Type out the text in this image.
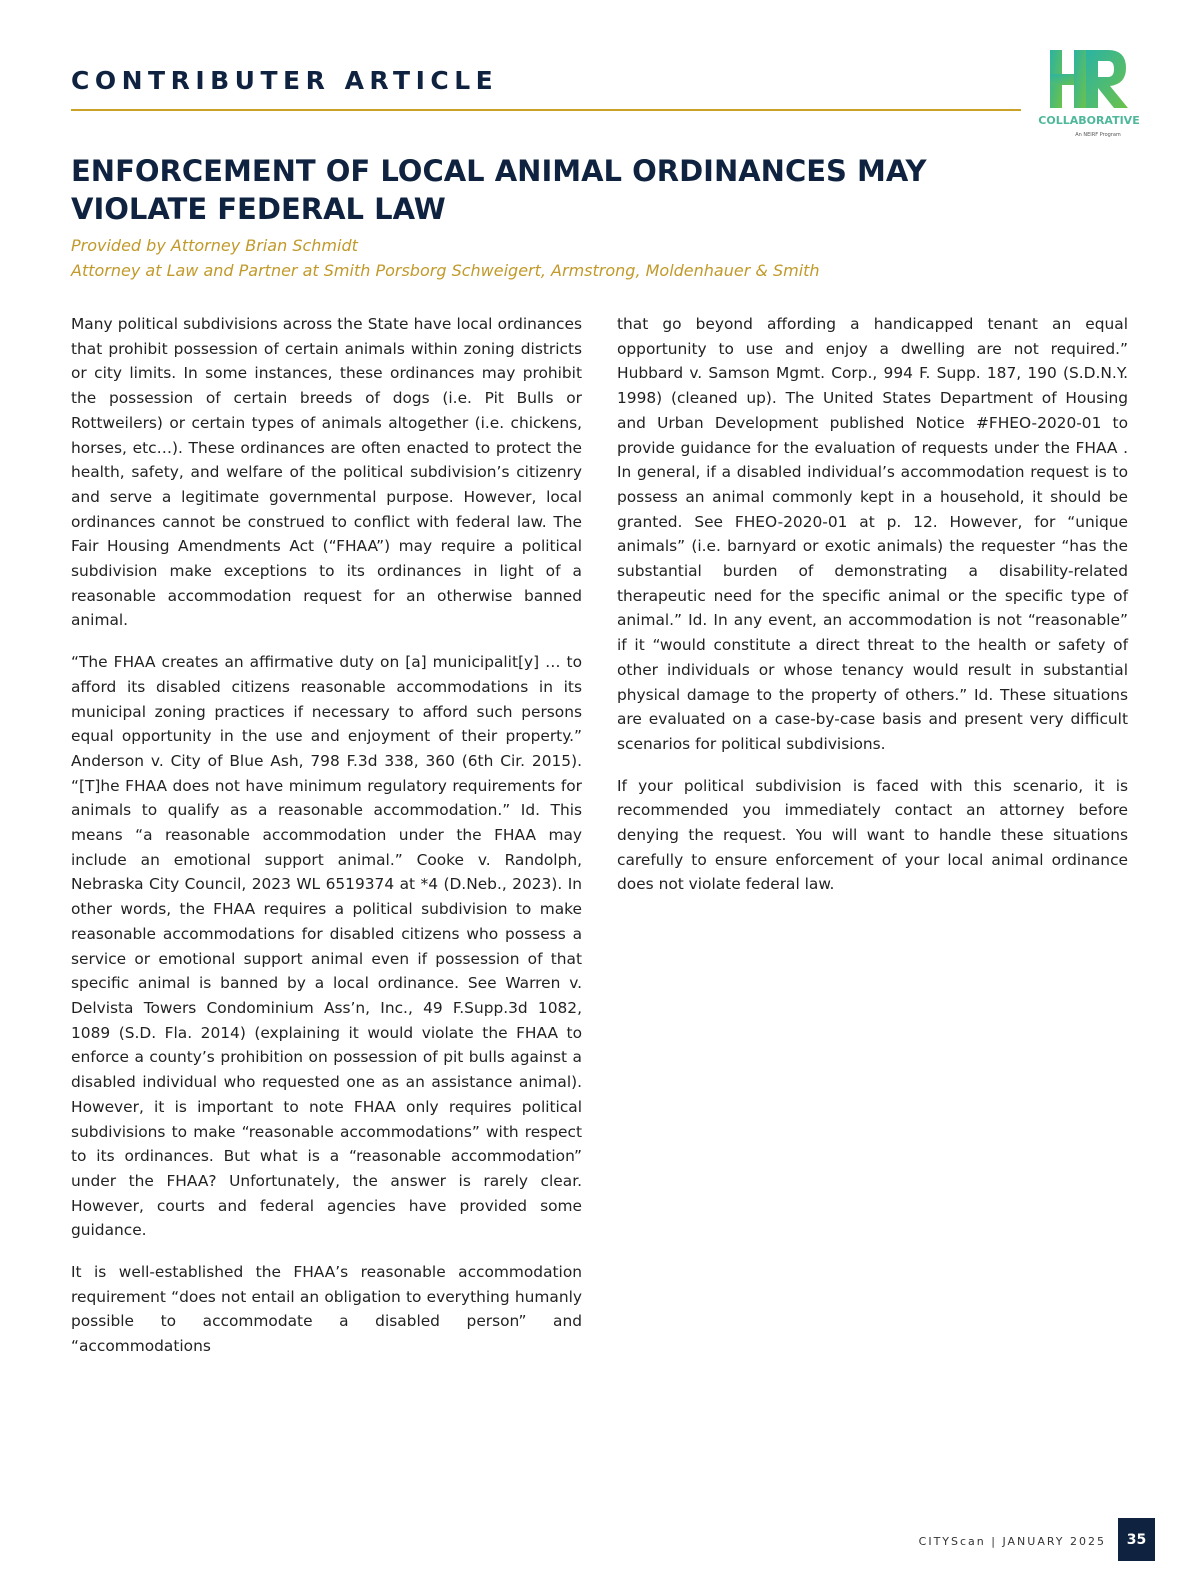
CONTRIBUTER ARTICLE
COLLABORATIVE
An NEIRF Program
ENFORCEMENT OF LOCAL ANIMAL ORDINANCES MAY VIOLATE FEDERAL LAW
Provided by Attorney Brian Schmidt
Attorney at Law and Partner at Smith Porsborg Schweigert, Armstrong, Moldenhauer & Smith

Many political subdivisions across the State have local ordinances that prohibit possession of certain animals within zoning districts or city limits. In some instances, these ordinances may prohibit the possession of certain breeds of dogs (i.e. Pit Bulls or Rottweilers) or certain types of animals altogether (i.e. chickens, horses, etc…). These ordinances are often enacted to protect the health, safety, and welfare of the political subdivision’s citizenry and serve a legitimate governmental purpose. However, local ordinances cannot be construed to conflict with federal law. The Fair Housing Amendments Act (“FHAA”) may require a political subdivision make exceptions to its ordinances in light of a reasonable accommodation request for an otherwise banned animal.

“The FHAA creates an affirmative duty on [a] municipalit[y] … to afford its disabled citizens reasonable accommodations in its municipal zoning practices if necessary to afford such persons equal opportunity in the use and enjoyment of their property.” Anderson v. City of Blue Ash, 798 F.3d 338, 360 (6th Cir. 2015). “[T]he FHAA does not have minimum regulatory requirements for animals to qualify as a reasonable accommodation.” Id. This means “a reasonable accommodation under the FHAA may include an emotional support animal.” Cooke v. Randolph, Nebraska City Council, 2023 WL 6519374 at *4 (D.Neb., 2023). In other words, the FHAA requires a political subdivision to make reasonable accommodations for disabled citizens who possess a service or emotional support animal even if possession of that specific animal is banned by a local ordinance. See Warren v. Delvista Towers Condominium Ass’n, Inc., 49 F.Supp.3d 1082, 1089 (S.D. Fla. 2014) (explaining it would violate the FHAA to enforce a county’s prohibition on possession of pit bulls against a disabled individual who requested one as an assistance animal). However, it is important to note FHAA only requires political subdivisions to make “reasonable accommodations” with respect to its ordinances. But what is a “reasonable accommodation” under the FHAA? Unfortunately, the answer is rarely clear. However, courts and federal agencies have provided some guidance.

It is well-established the FHAA’s reasonable accommodation requirement “does not entail an obligation to everything humanly possible to accommodate a disabled person” and “accommodations

that go beyond affording a handicapped tenant an equal opportunity to use and enjoy a dwelling are not required.” Hubbard v. Samson Mgmt. Corp., 994 F. Supp. 187, 190 (S.D.N.Y. 1998) (cleaned up). The United States Department of Housing and Urban Development published Notice #FHEO-2020-01 to provide guidance for the evaluation of requests under the FHAA . In general, if a disabled individual’s accommodation request is to possess an animal commonly kept in a household, it should be granted. See FHEO-2020-01 at p. 12. However, for “unique animals” (i.e. barnyard or exotic animals) the requester “has the substantial burden of demonstrating a disability-related therapeutic need for the specific animal or the specific type of animal.” Id. In any event, an accommodation is not “reasonable” if it “would constitute a direct threat to the health or safety of other individuals or whose tenancy would result in substantial physical damage to the property of others.” Id. These situations are evaluated on a case-by-case basis and present very difficult scenarios for political subdivisions.

If your political subdivision is faced with this scenario, it is recommended you immediately contact an attorney before denying the request. You will want to handle these situations carefully to ensure enforcement of your local animal ordinance does not violate federal law.

CITYScan | JANUARY 2025	35
